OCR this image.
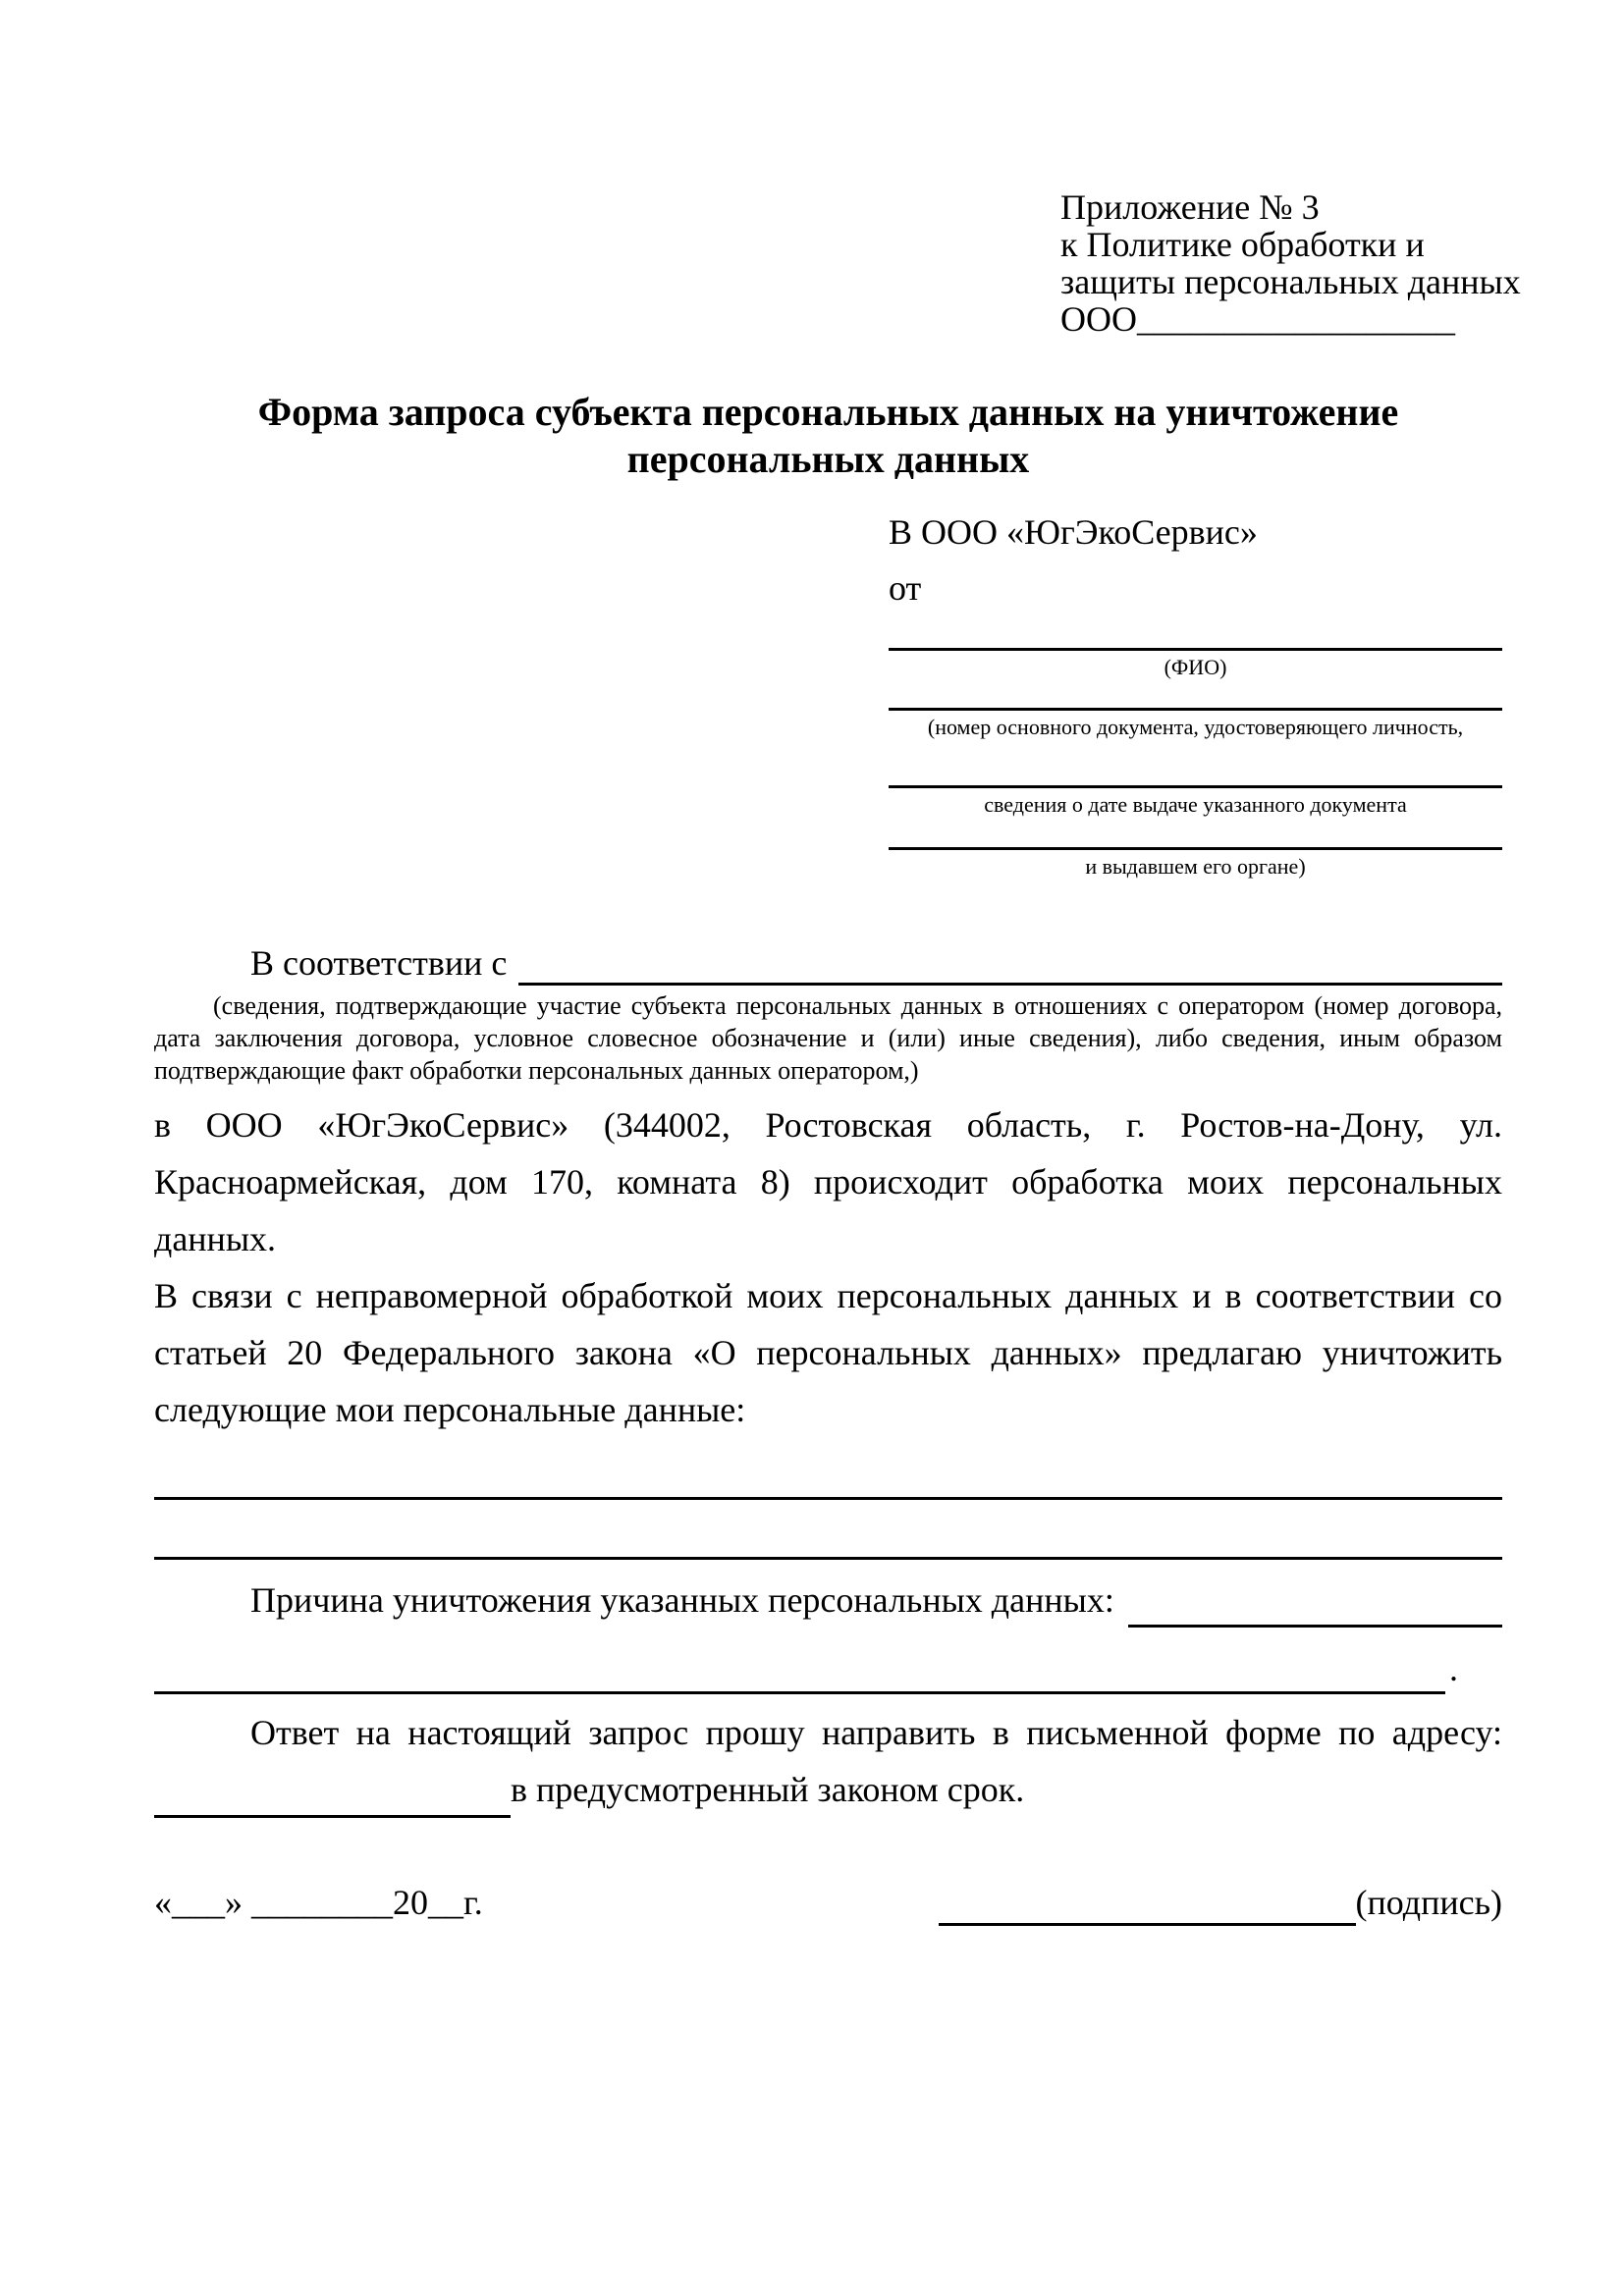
Приложение № 3
к Политике обработки и
защиты персональных данных
ООО__________________
Форма запроса субъекта персональных данных на уничтожение
персональных данных
В ООО «ЮгЭкоСервис»
от
(ФИО)
(номер основного документа, удостоверяющего личность,
сведения о дате выдаче указанного документа
и выдавшем его органе)
В соответствии с
(сведения, подтверждающие участие субъекта персональных данных в отношениях с оператором (номер договора, дата заключения договора, условное словесное обозначение и (или) иные сведения), либо сведения, иным образом подтверждающие факт обработки персональных данных оператором,)
в ООО «ЮгЭкоСервис» (344002, Ростовская область, г. Ростов-на-Дону, ул.
Красноармейская, дом 170, комната 8) происходит обработка моих персональных данных.
В связи с неправомерной обработкой моих персональных данных и в соответствии со
статьей 20 Федерального закона «О персональных данных» предлагаю уничтожить
следующие мои персональные данные:
Причина уничтожения указанных персональных данных:
.
Ответ на настоящий запрос прошу направить в письменной форме по адресу:
в предусмотренный законом срок.
«___» ________20__г.	(подпись)
